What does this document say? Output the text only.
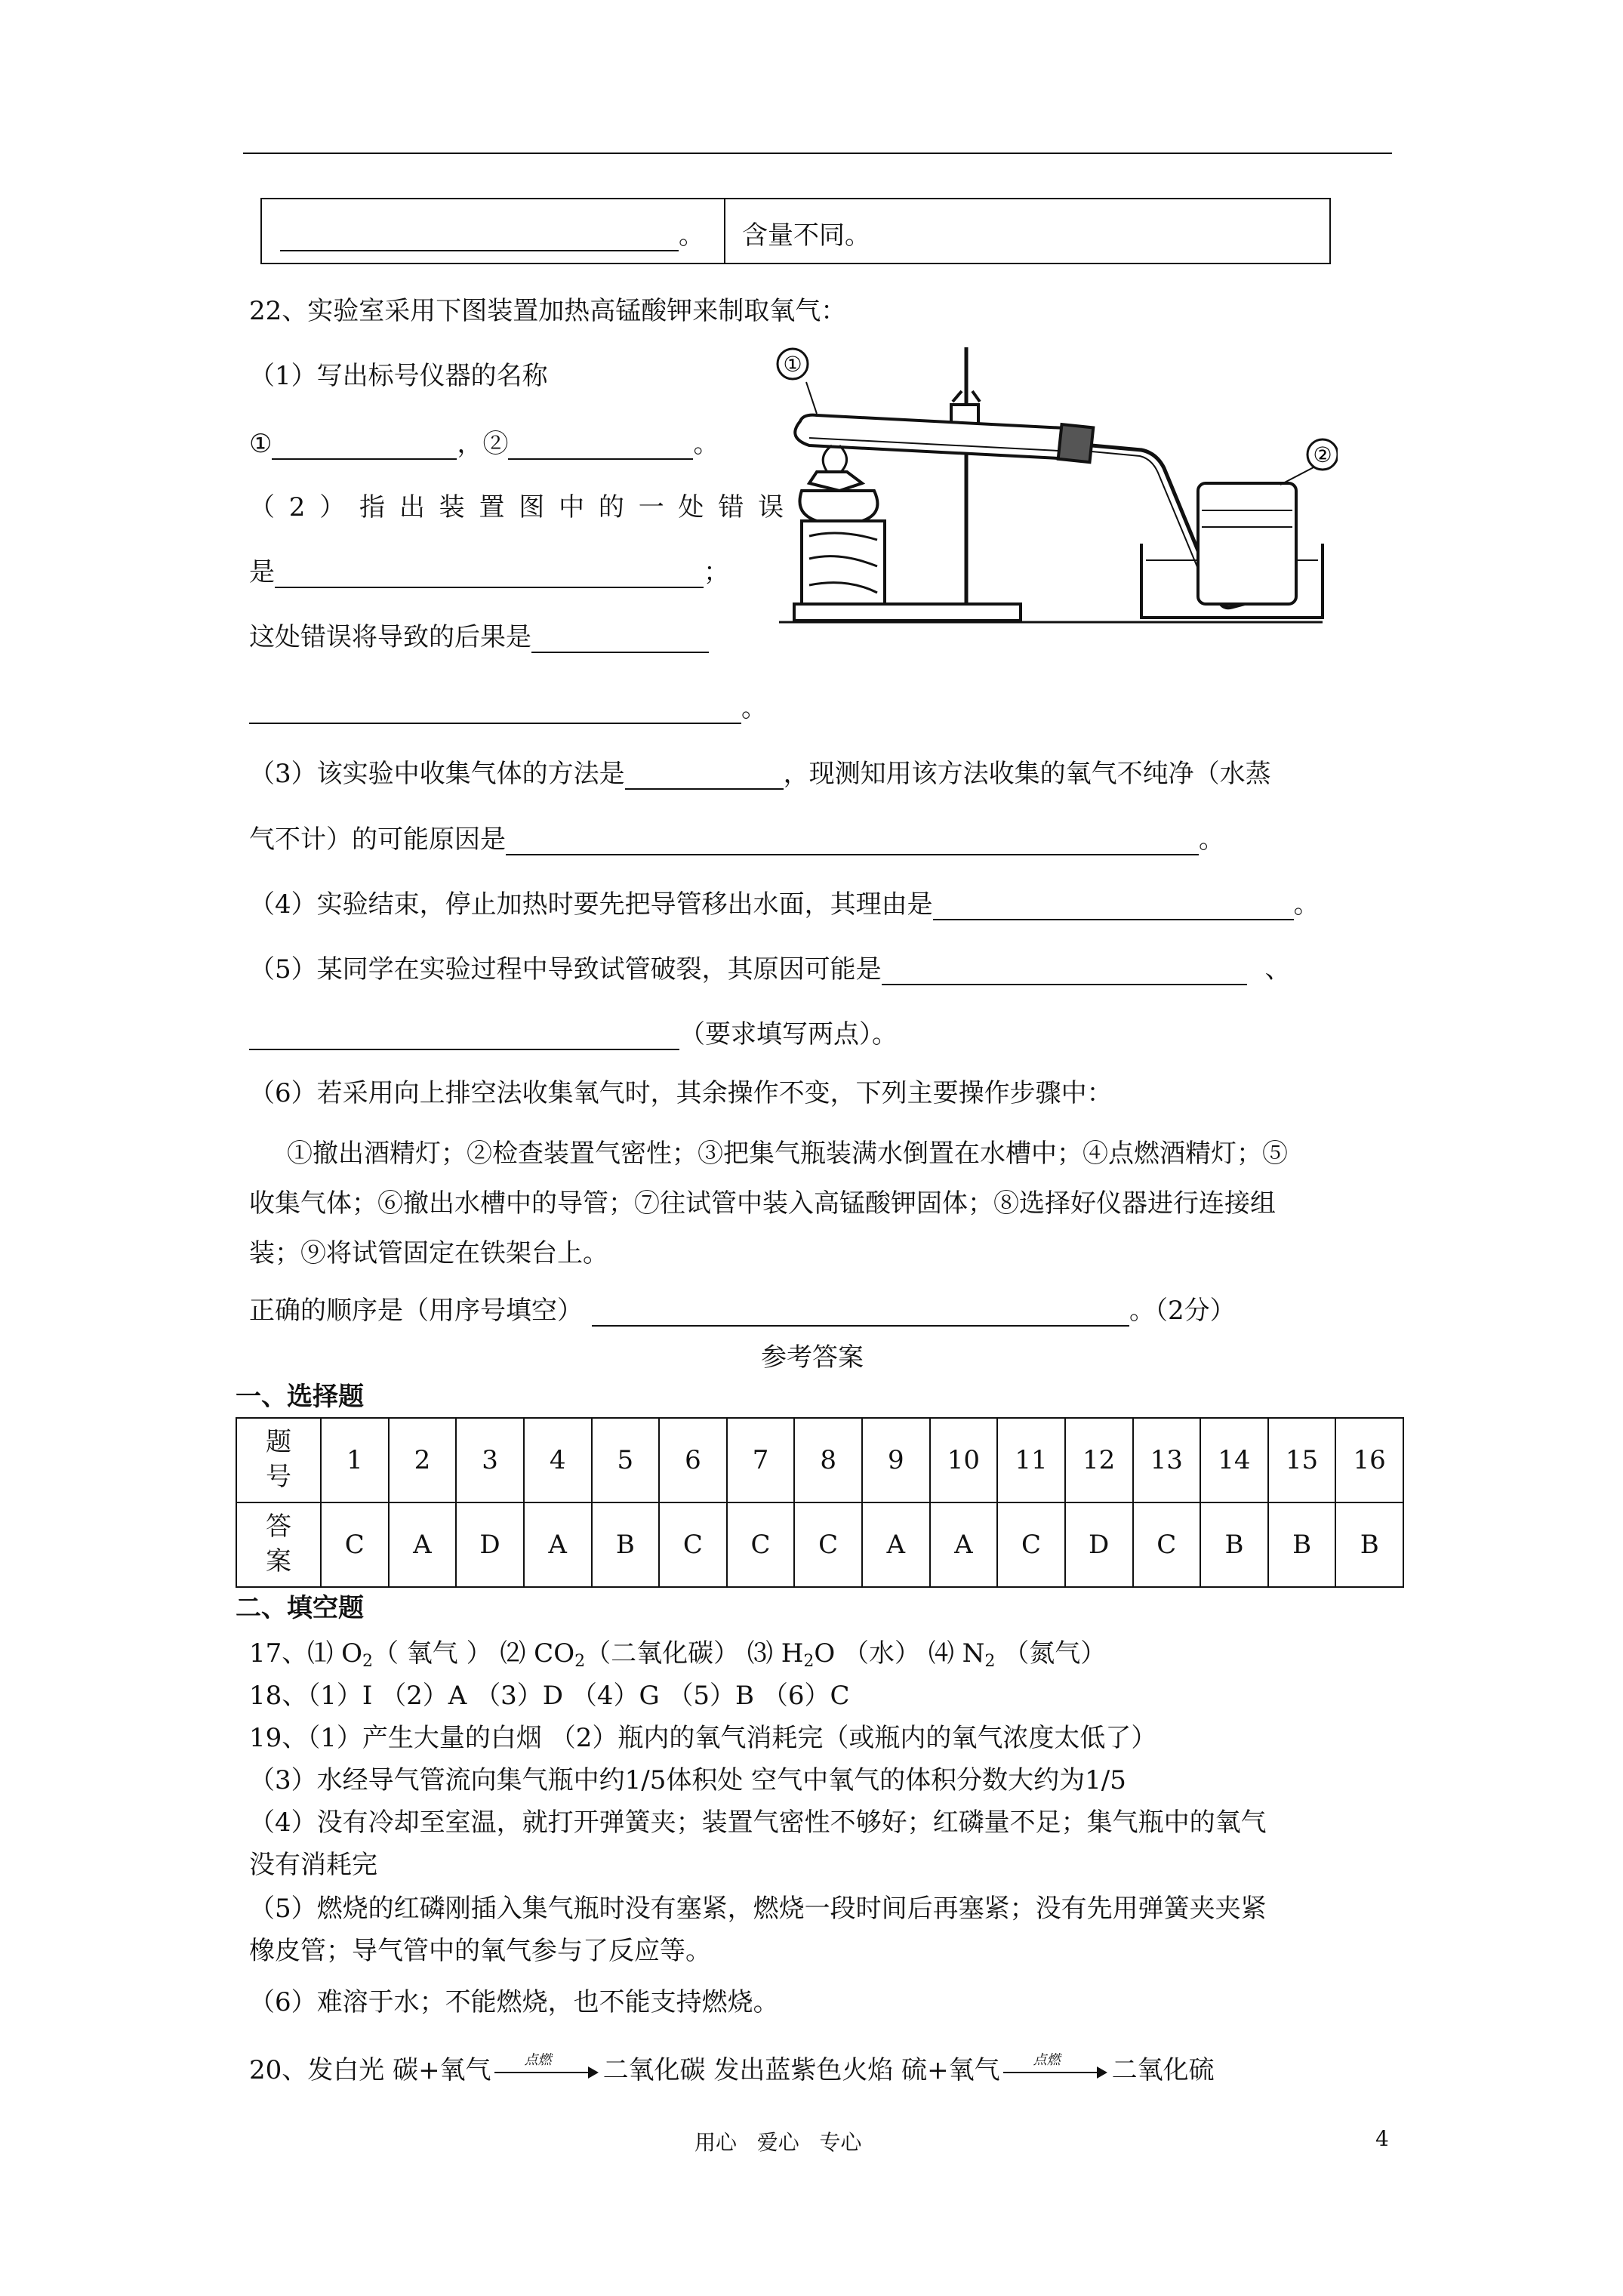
。 含量不同。
22、实验室采用下图装置加热高锰酸钾来制取氧气：
（1）写出标号仪器的名称
①	，②	。
（ 2 ） 指 出 装 置 图 中 的 一 处 错 误
是	；
这处错误将导致的后果是
。
①
②
（3）该实验中收集气体的方法是	，现测知用该方法收集的氧气不纯净（水蒸
气不计）的可能原因是	。
（4）实验结束，停止加热时要先把导管移出水面，其理由是	。
（5）某同学在实验过程中导致试管破裂，其原因可能是	、
（要求填写两点）。
（6）若采用向上排空法收集氧气时，其余操作不变，下列主要操作步骤中：
①撤出酒精灯；②检查装置气密性；③把集气瓶装满水倒置在水槽中；④点燃酒精灯；⑤
收集气体；⑥撤出水槽中的导管；⑦往试管中装入高锰酸钾固体；⑧选择好仪器进行连接组
装；⑨将试管固定在铁架台上。
正确的顺序是（用序号填空）	。（2分）
参考答案
一、选择题
题
号	1	2	3	4	5	6	7	8	9	10	11	12	13	14	15	16

答
案	C	A	D	A	B	C	C	C	A	A	C	D	C	B	B	B
二、填空题
17、⑴ $O_2$（ 氧气 ） ⑵ $CO_2$（二氧化碳） ⑶ $H_2O$ （水） ⑷ $N_2$ （氮气）
18、（1）I （2）A （3）D （4）G （5）B （6）C
19、（1）产生大量的白烟 （2）瓶内的氧气消耗完（或瓶内的氧气浓度太低了）
（3）水经导气管流向集气瓶中约1/5体积处 空气中氧气的体积分数大约为1/5
（4）没有冷却至室温，就打开弹簧夹；装置气密性不够好；红磷量不足；集气瓶中的氧气
没有消耗完
（5）燃烧的红磷刚插入集气瓶时没有塞紧，燃烧一段时间后再塞紧；没有先用弹簧夹夹紧
橡皮管；导气管中的氧气参与了反应等。
（6）难溶于水；不能燃烧，也不能支持燃烧。
20、发白光 碳+氧气 点燃 二氧化碳 发出蓝紫色火焰 硫+氧气 点燃 二氧化硫
用心   爱心   专心	4
